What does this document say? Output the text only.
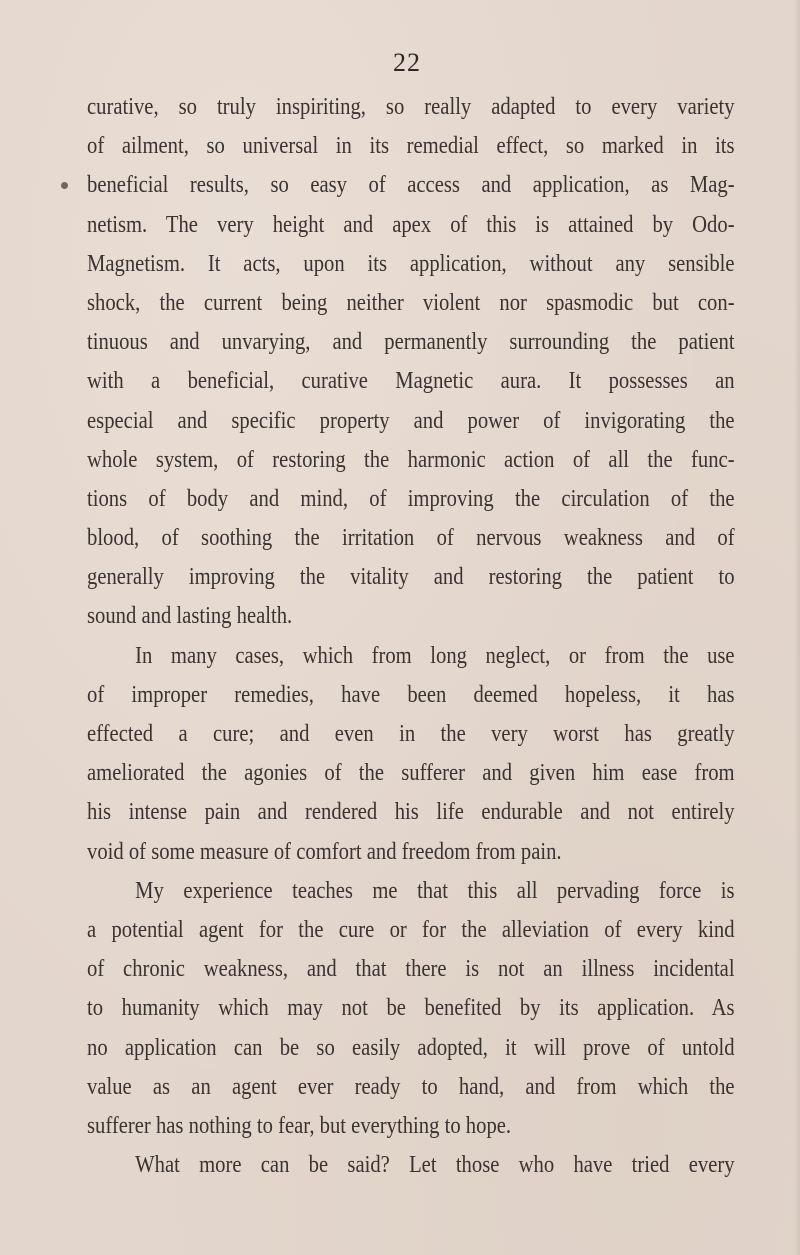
22
curative, so truly inspiriting, so really adapted to every variety
of ailment, so universal in its remedial effect, so marked in its
beneficial results, so easy of access and application, as Mag-
netism. The very height and apex of this is attained by Odo-
Magnetism. It acts, upon its application, without any sensible
shock, the current being neither violent nor spasmodic but con-
tinuous and unvarying, and permanently surrounding the patient
with a beneficial, curative Magnetic aura. It possesses an
especial and specific property and power of invigorating the
whole system, of restoring the harmonic action of all the func-
tions of body and mind, of improving the circulation of the
blood, of soothing the irritation of nervous weakness and of
generally improving the vitality and restoring the patient to
sound and lasting health.
In many cases, which from long neglect, or from the use
of improper remedies, have been deemed hopeless, it has
effected a cure; and even in the very worst has greatly
ameliorated the agonies of the sufferer and given him ease from
his intense pain and rendered his life endurable and not entirely
void of some measure of comfort and freedom from pain.
My experience teaches me that this all pervading force is
a potential agent for the cure or for the alleviation of every kind
of chronic weakness, and that there is not an illness incidental
to humanity which may not be benefited by its application. As
no application can be so easily adopted, it will prove of untold
value as an agent ever ready to hand, and from which the
sufferer has nothing to fear, but everything to hope.
What more can be said? Let those who have tried every
